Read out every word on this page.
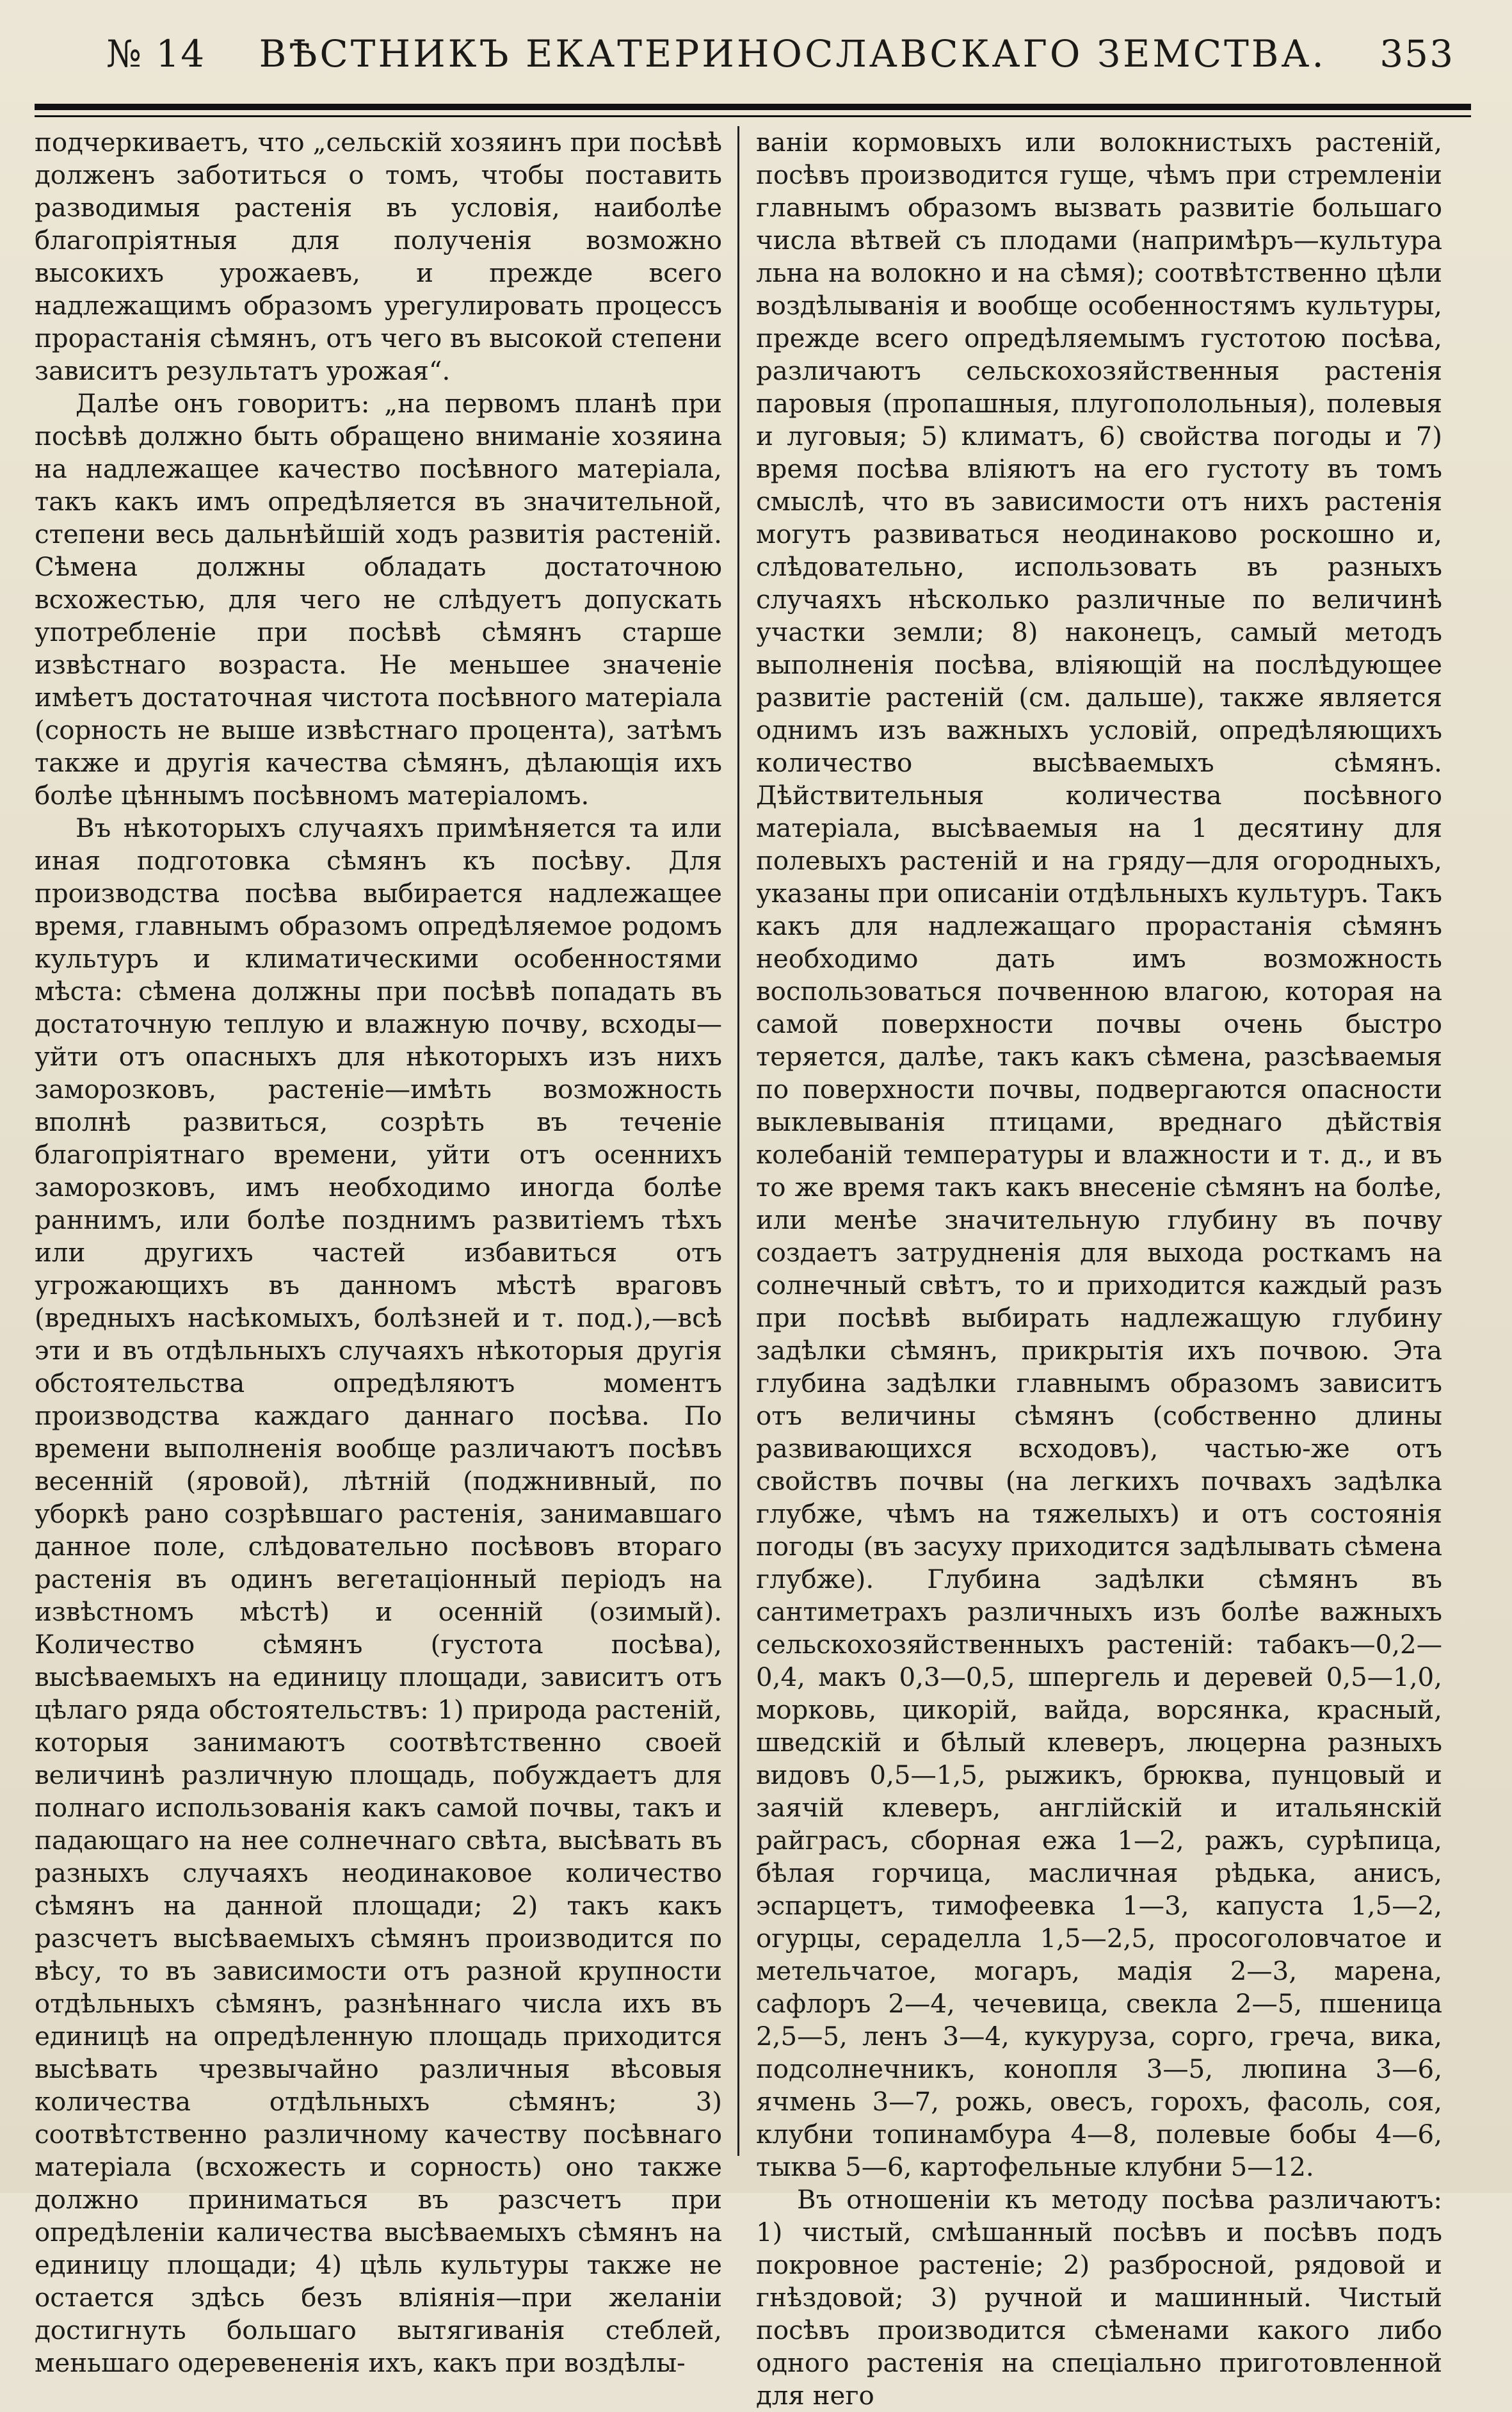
№ 14 ВѢСТНИКЪ ЕКАТЕРИНОСЛАВСКАГО ЗЕМСТВА. 353

подчеркиваетъ, что „сельскій хозяинъ при посѣвѣ долженъ заботиться о томъ, чтобы поставить разводимыя растенія въ условія, наиболѣе благопріятныя для полученія возможно высокихъ урожаевъ, и прежде всего надлежащимъ образомъ урегулировать процессъ прорастанія сѣмянъ, отъ чего въ высокой степени зависитъ результатъ урожая“.

Далѣе онъ говоритъ: „на первомъ планѣ при посѣвѣ должно быть обращено вниманіе хозяина на надлежащее качество посѣвного матеріала, такъ какъ имъ опредѣляется въ значительной, степени весь дальнѣйшій ходъ развитія растеній. Сѣмена должны обладать достаточною всхожестью, для чего не слѣдуетъ допускать употребленіе при посѣвѣ сѣмянъ старше извѣстнаго возраста. Не меньшее значеніе имѣетъ достаточная чистота посѣвного матеріала (сорность не выше извѣстнаго процента), затѣмъ также и другія качества сѣмянъ, дѣлающія ихъ болѣе цѣннымъ посѣвномъ матеріаломъ.

Въ нѣкоторыхъ случаяхъ примѣняется та или иная подготовка сѣмянъ къ посѣву. Для производства посѣва выбирается надлежащее время, главнымъ образомъ опредѣляемое родомъ культуръ и климатическими особенностями мѣста: сѣмена должны при посѣвѣ попадать въ достаточную теплую и влажную почву, всходы—уйти отъ опасныхъ для нѣкоторыхъ изъ нихъ заморозковъ, растеніе—имѣть возможность вполнѣ развиться, созрѣть въ теченіе благопріятнаго времени, уйти отъ осеннихъ заморозковъ, имъ необходимо иногда болѣе раннимъ, или болѣе позднимъ развитіемъ тѣхъ или другихъ частей избавиться отъ угрожающихъ въ данномъ мѣстѣ враговъ (вредныхъ насѣкомыхъ, болѣзней и т. под.),—всѣ эти и въ отдѣльныхъ случаяхъ нѣкоторыя другія обстоятельства опредѣляютъ моментъ производства каждаго даннаго посѣва. По времени выполненія вообще различаютъ посѣвъ весенній (яровой), лѣтній (поджнивный, по уборкѣ рано созрѣвшаго растенія, занимавшаго данное поле, слѣдовательно посѣвовъ втораго растенія въ одинъ вегетаціонный періодъ на извѣстномъ мѣстѣ) и осенній (озимый). Количество сѣмянъ (густота посѣва), высѣваемыхъ на единицу площади, зависитъ отъ цѣлаго ряда обстоятельствъ: 1) природа растеній, которыя занимаютъ соотвѣтственно своей величинѣ различную площадь, побуждаетъ для полнаго использованія какъ самой почвы, такъ и падающаго на нее солнечнаго свѣта, высѣвать въ разныхъ случаяхъ неодинаковое количество сѣмянъ на данной площади; 2) такъ какъ разсчетъ высѣваемыхъ сѣмянъ производится по вѣсу, то въ зависимости отъ разной крупности отдѣльныхъ сѣмянъ, разнѣннаго числа ихъ въ единицѣ на опредѣленную площадь приходится высѣвать чрезвычайно различныя вѣсовыя количества отдѣльныхъ сѣмянъ; 3) соотвѣтственно различному качеству посѣвнаго матеріала (всхожесть и сорность) оно также должно приниматься въ разсчетъ при опредѣленіи каличества высѣваемыхъ сѣмянъ на единицу площади; 4) цѣль культуры также не остается здѣсь безъ вліянія—при желаніи достигнуть большаго вытягиванія стеблей, меньшаго одеревененія ихъ, какъ при воздѣлы-

ваніи кормовыхъ или волокнистыхъ растеній, посѣвъ производится гуще, чѣмъ при стремленіи главнымъ образомъ вызвать развитіе большаго числа вѣтвей съ плодами (напримѣръ—культура льна на волокно и на сѣмя); соотвѣтственно цѣли воздѣлыванія и вообще особенностямъ культуры, прежде всего опредѣляемымъ густотою посѣва, различаютъ сельскохозяйственныя растенія паровыя (пропашныя, плугополольныя), полевыя и луговыя; 5) климатъ, 6) свойства погоды и 7) время посѣва вліяютъ на его густоту въ томъ смыслѣ, что въ зависимости отъ нихъ растенія могутъ развиваться неодинаково роскошно и, слѣдовательно, использовать въ разныхъ случаяхъ нѣсколько различные по величинѣ участки земли; 8) наконецъ, самый методъ выполненія посѣва, вліяющій на послѣдующее развитіе растеній (см. дальше), также является однимъ изъ важныхъ условій, опредѣляющихъ количество высѣваемыхъ сѣмянъ. Дѣйствительныя количества посѣвного матеріала, высѣваемыя на 1 десятину для полевыхъ растеній и на гряду—для огородныхъ, указаны при описаніи отдѣльныхъ культуръ. Такъ какъ для надлежащаго прорастанія сѣмянъ необходимо дать имъ возможность воспользоваться почвенною влагою, которая на самой поверхности почвы очень быстро теряется, далѣе, такъ какъ сѣмена, разсѣваемыя по поверхности почвы, подвергаются опасности выклевыванія птицами, вреднаго дѣйствія колебаній температуры и влажности и т. д., и въ то же время такъ какъ внесеніе сѣмянъ на болѣе, или менѣе значительную глубину въ почву создаетъ затрудненія для выхода росткамъ на солнечный свѣтъ, то и приходится каждый разъ при посѣвѣ выбирать надлежащую глубину задѣлки сѣмянъ, прикрытія ихъ почвою. Эта глубина задѣлки главнымъ образомъ зависитъ отъ величины сѣмянъ (собственно длины развивающихся всходовъ), частью-же отъ свойствъ почвы (на легкихъ почвахъ задѣлка глубже, чѣмъ на тяжелыхъ) и отъ состоянія погоды (въ засуху приходится задѣлывать сѣмена глубже). Глубина задѣлки сѣмянъ въ сантиметрахъ различныхъ изъ болѣе важныхъ сельскохозяйственныхъ растеній: табакъ—0,2—0,4, макъ 0,3—0,5, шпергель и деревей 0,5—1,0, морковь, цикорій, вайда, ворсянка, красный, шведскій и бѣлый клеверъ, люцерна разныхъ видовъ 0,5—1,5, рыжикъ, брюква, пунцовый и заячій клеверъ, англійскій и итальянскій райграсъ, сборная ежа 1—2, ражъ, сурѣпица, бѣлая горчица, масличная рѣдька, анисъ, эспарцетъ, тимофеевка 1—3, капуста 1,5—2, огурцы, сераделла 1,5—2,5, просоголовчатое и метельчатое, могаръ, мадія 2—3, марена, сафлоръ 2—4, чечевица, свекла 2—5, пшеница 2,5—5, ленъ 3—4, кукуруза, сорго, греча, вика, подсолнечникъ, конопля 3—5, люпина 3—6, ячмень 3—7, рожь, овесъ, горохъ, фасоль, соя, клубни топинамбура 4—8, полевые бобы 4—6, тыква 5—6, картофельные клубни 5—12.

Въ отношеніи къ методу посѣва различаютъ: 1) чистый, смѣшанный посѣвъ и посѣвъ подъ покровное растеніе; 2) разбросной, рядовой и гнѣздовой; 3) ручной и машинный. Чистый посѣвъ производится сѣменами какого либо одного растенія на спеціально приготовленной для него
